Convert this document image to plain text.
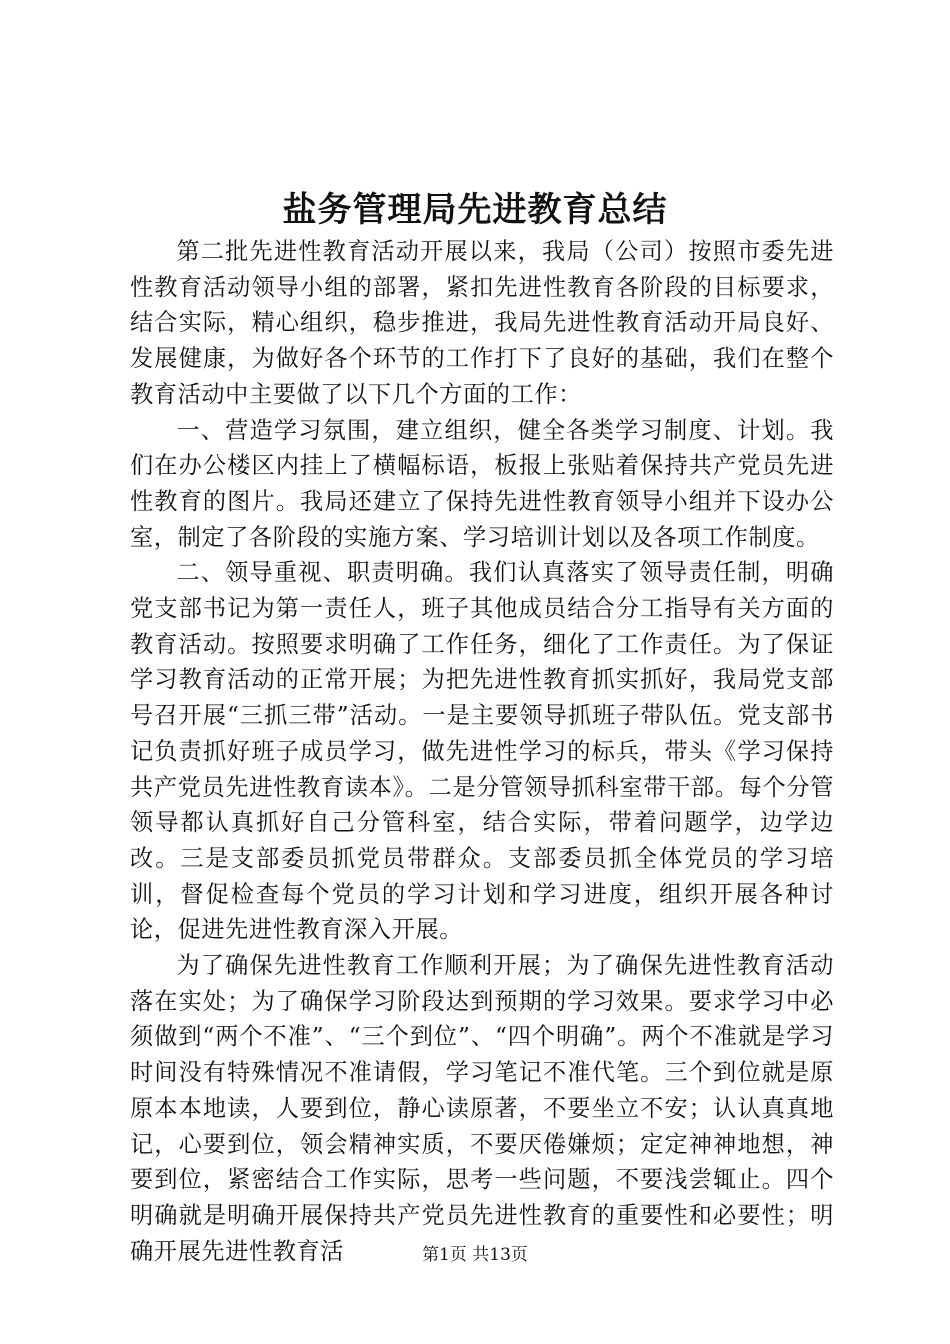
盐务管理局先进教育总结

第二批先进性教育活动开展以来，我局（公司）按照市委先进性教育活动领导小组的部署，紧扣先进性教育各阶段的目标要求，结合实际，精心组织，稳步推进，我局先进性教育活动开局良好、发展健康，为做好各个环节的工作打下了良好的基础，我们在整个教育活动中主要做了以下几个方面的工作：

一、营造学习氛围，建立组织，健全各类学习制度、计划。我们在办公楼区内挂上了横幅标语，板报上张贴着保持共产党员先进性教育的图片。我局还建立了保持先进性教育领导小组并下设办公室，制定了各阶段的实施方案、学习培训计划以及各项工作制度。

二、领导重视、职责明确。我们认真落实了领导责任制，明确党支部书记为第一责任人，班子其他成员结合分工指导有关方面的教育活动。按照要求明确了工作任务，细化了工作责任。为了保证学习教育活动的正常开展；为把先进性教育抓实抓好，我局党支部号召开展“三抓三带”活动。一是主要领导抓班子带队伍。党支部书记负责抓好班子成员学习，做先进性学习的标兵，带头《学习保持共产党员先进性教育读本》。二是分管领导抓科室带干部。每个分管领导都认真抓好自己分管科室，结合实际，带着问题学，边学边改。三是支部委员抓党员带群众。支部委员抓全体党员的学习培训，督促检查每个党员的学习计划和学习进度，组织开展各种讨论，促进先进性教育深入开展。

为了确保先进性教育工作顺利开展；为了确保先进性教育活动落在实处；为了确保学习阶段达到预期的学习效果。要求学习中必须做到“两个不准”、“三个到位”、“四个明确”。两个不准就是学习时间没有特殊情况不准请假，学习笔记不准代笔。三个到位就是原原本本地读，人要到位，静心读原著，不要坐立不安；认认真真地记，心要到位，领会精神实质，不要厌倦嫌烦；定定神神地想，神要到位，紧密结合工作实际，思考一些问题，不要浅尝辄止。四个明确就是明确开展保持共产党员先进性教育的重要性和必要性；明确开展先进性教育活	第1页 共13页
